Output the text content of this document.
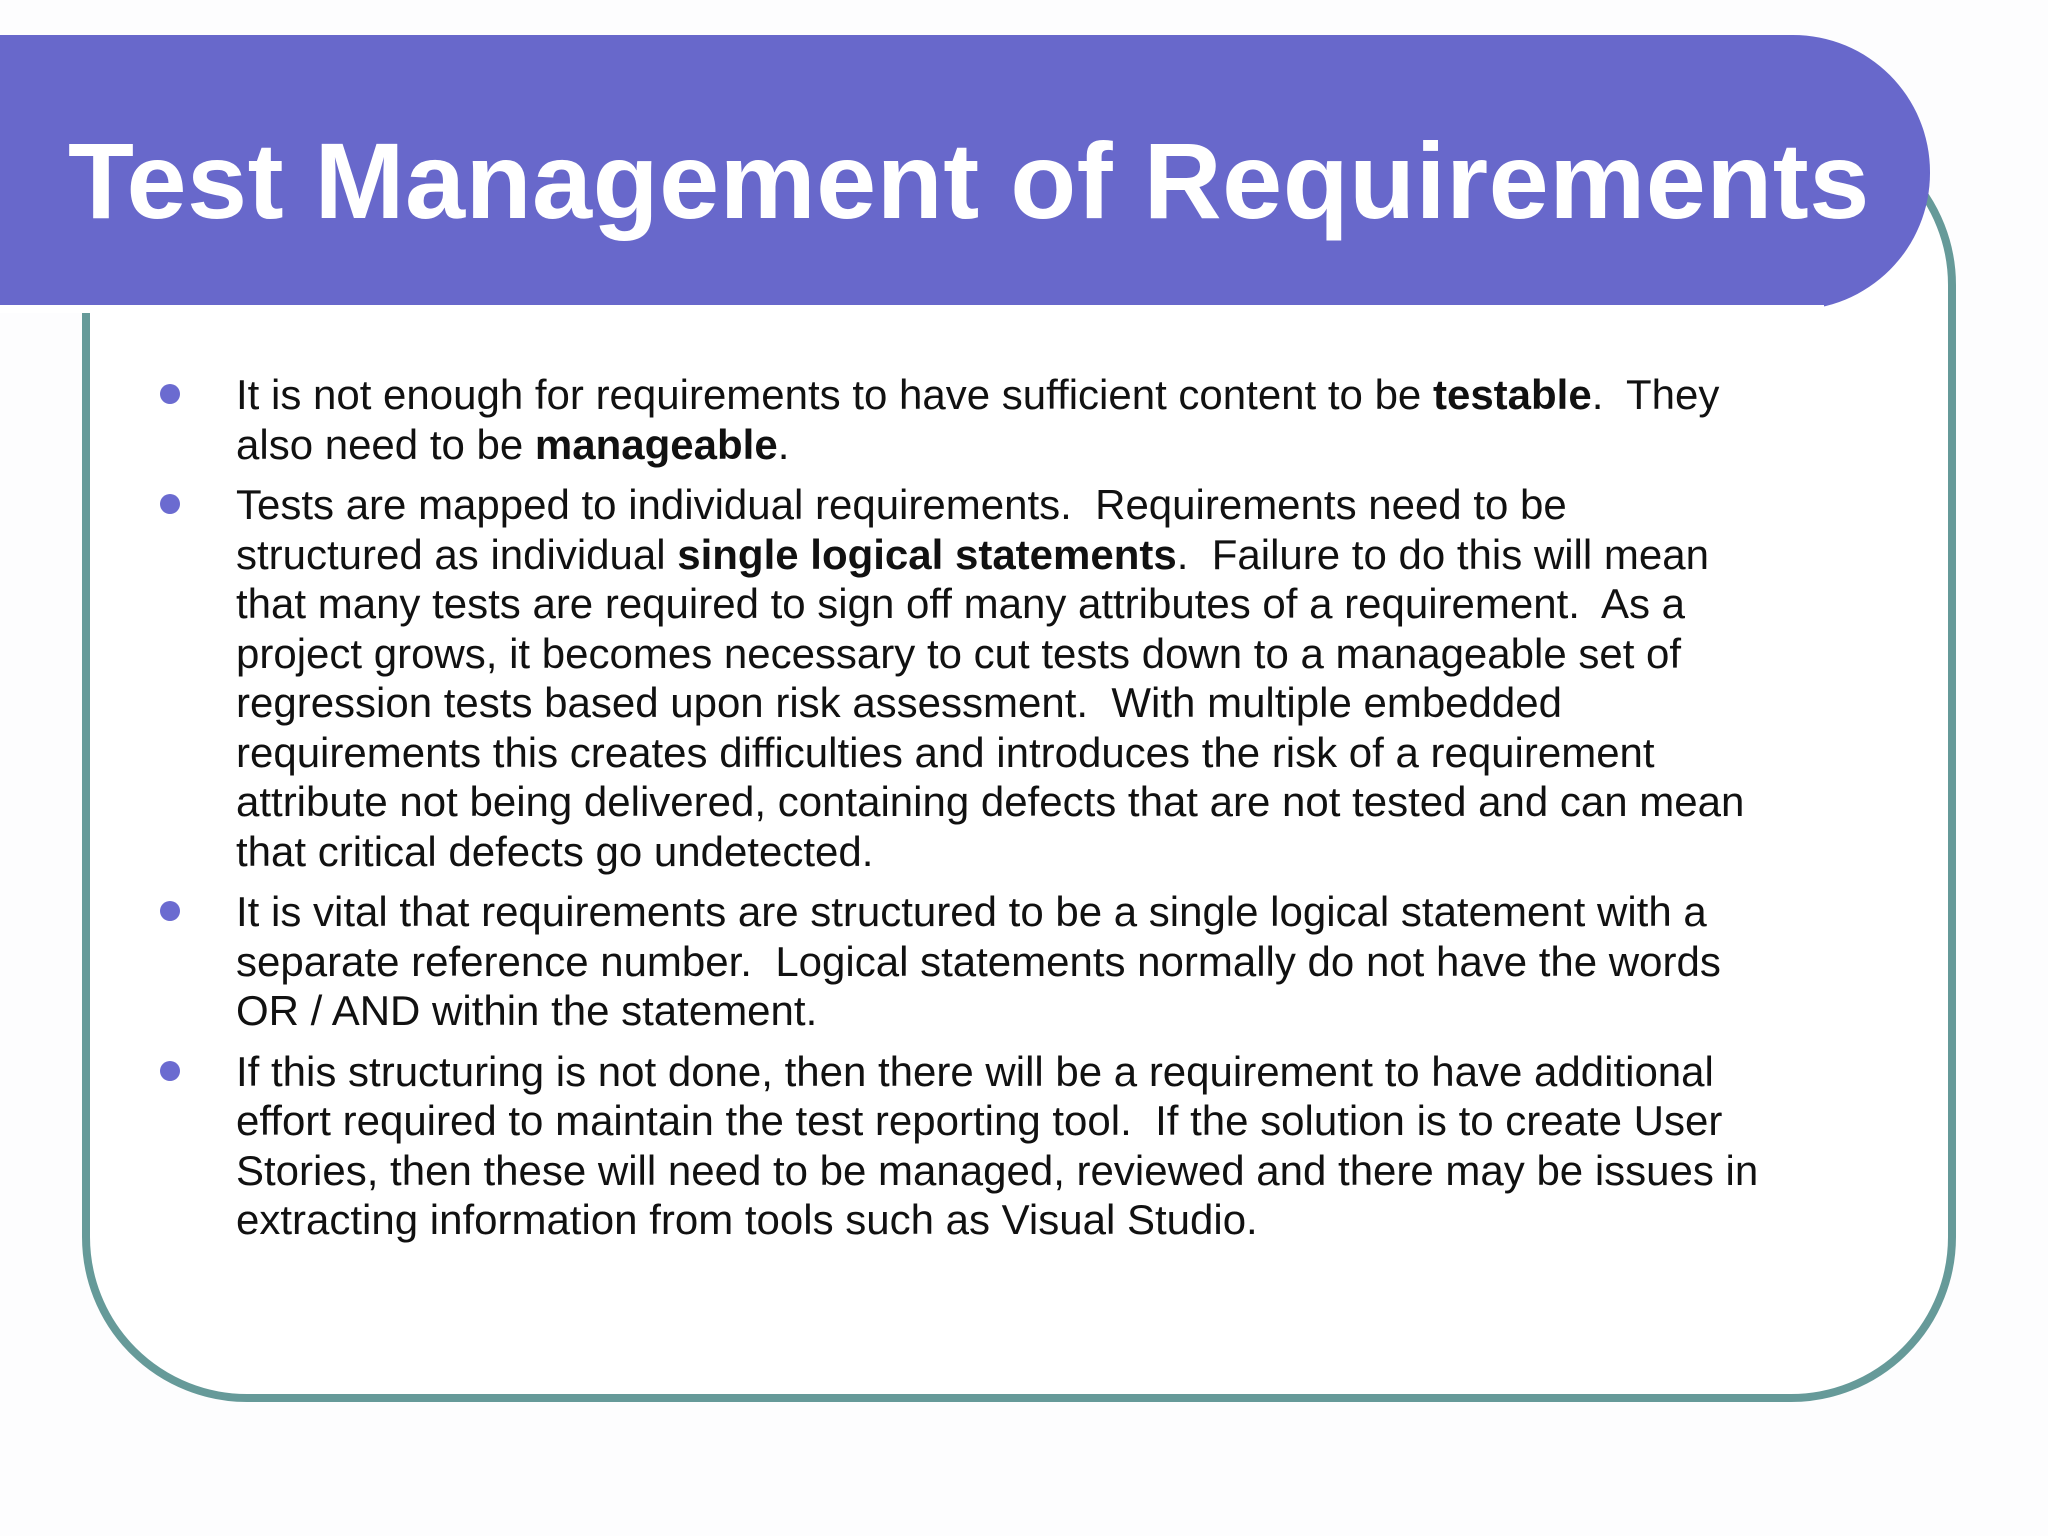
Test Management of Requirements
It is not enough for requirements to have sufficient content to be testable.  They
also need to be manageable.
Tests are mapped to individual requirements.  Requirements need to be
structured as individual single logical statements.  Failure to do this will mean
that many tests are required to sign off many attributes of a requirement.  As a
project grows, it becomes necessary to cut tests down to a manageable set of
regression tests based upon risk assessment.  With multiple embedded
requirements this creates difficulties and introduces the risk of a requirement
attribute not being delivered, containing defects that are not tested and can mean
that critical defects go undetected.
It is vital that requirements are structured to be a single logical statement with a
separate reference number.  Logical statements normally do not have the words
OR / AND within the statement.
If this structuring is not done, then there will be a requirement to have additional
effort required to maintain the test reporting tool.  If the solution is to create User
Stories, then these will need to be managed, reviewed and there may be issues in
extracting information from tools such as Visual Studio.
